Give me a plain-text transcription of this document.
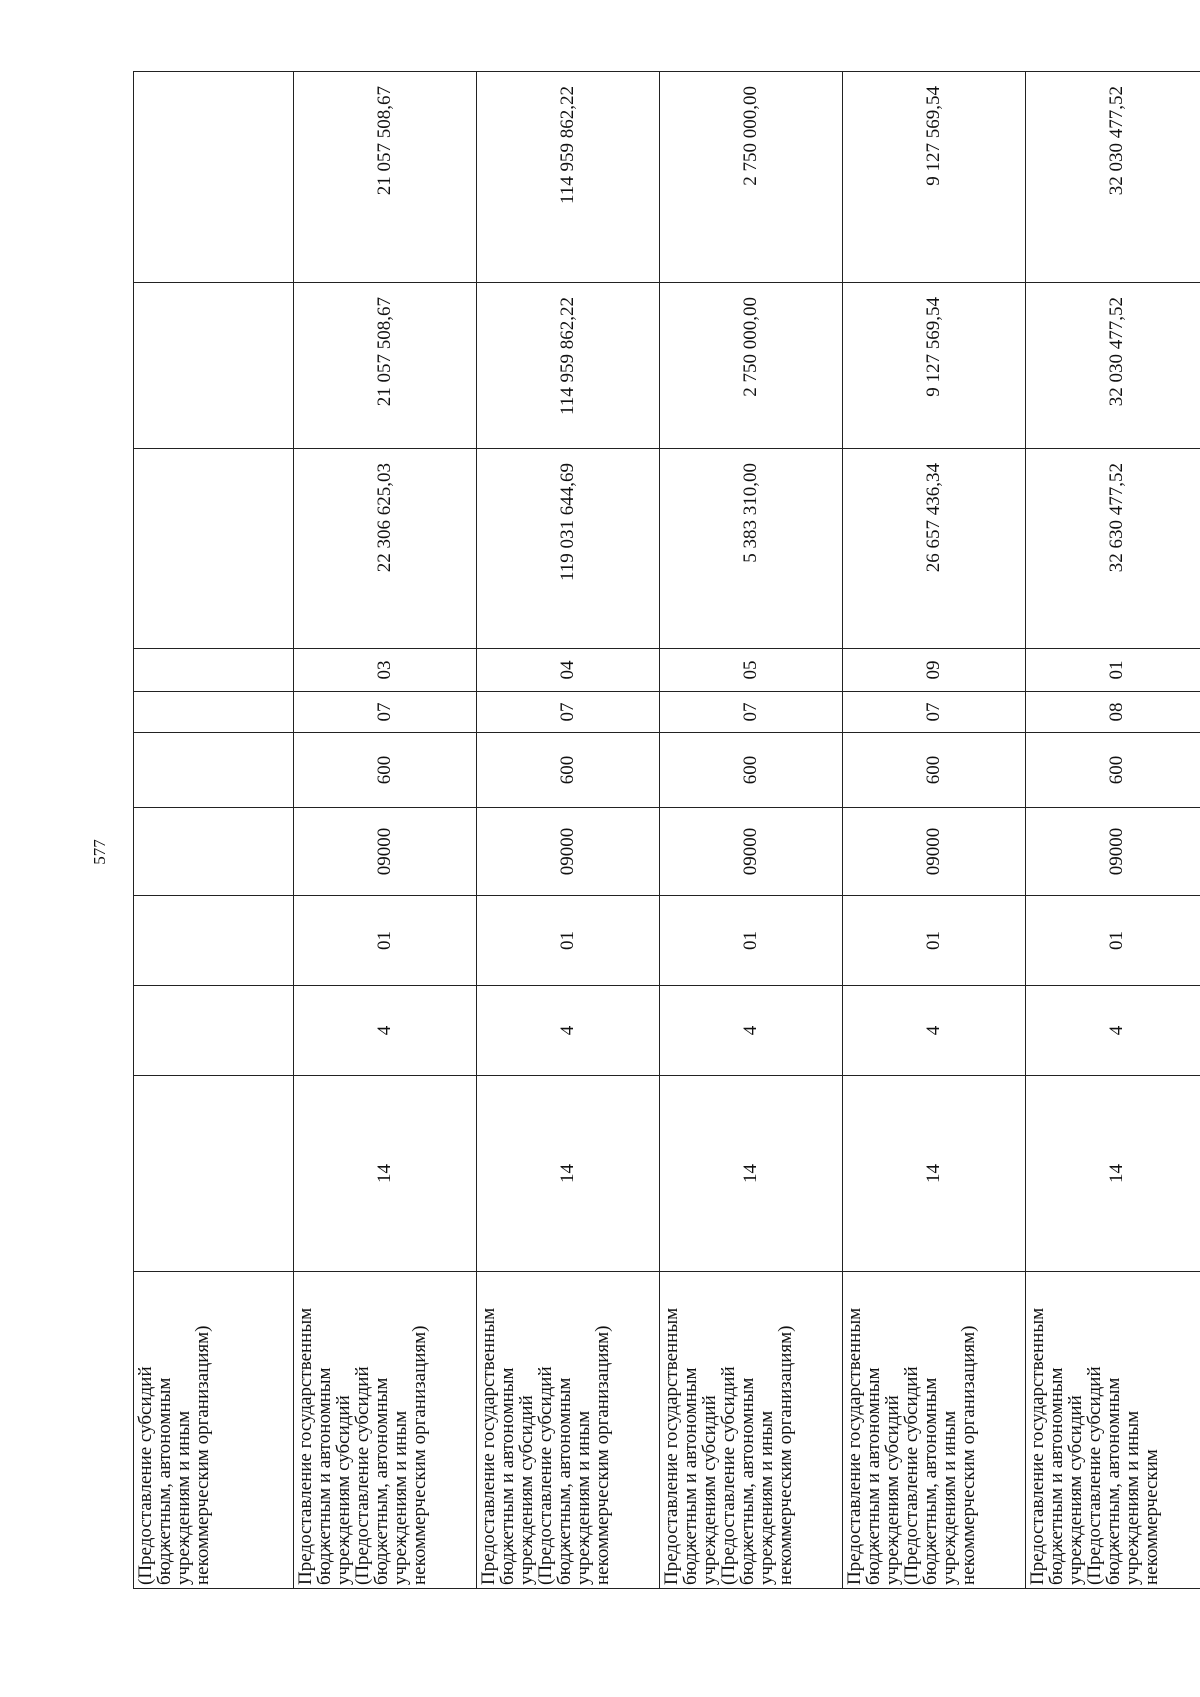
577
(Предоставление субсидий бюджетным, автономным учреждениям и иным некоммерческим организациям)										
Предоставление государственным бюджетным и автономным учреждениям субсидий (Предоставление субсидий бюджетным, автономным учреждениям и иным некоммерческим организациям)	14	4	01	09000	600	07	03	22 306 625,03	21 057 508,67	21 057 508,67
Предоставление государственным бюджетным и автономным учреждениям субсидий (Предоставление субсидий бюджетным, автономным учреждениям и иным некоммерческим организациям)	14	4	01	09000	600	07	04	119 031 644,69	114 959 862,22	114 959 862,22
Предоставление государственным бюджетным и автономным учреждениям субсидий (Предоставление субсидий бюджетным, автономным учреждениям и иным некоммерческим организациям)	14	4	01	09000	600	07	05	5 383 310,00	2 750 000,00	2 750 000,00
Предоставление государственным бюджетным и автономным учреждениям субсидий (Предоставление субсидий бюджетным, автономным учреждениям и иным некоммерческим организациям)	14	4	01	09000	600	07	09	26 657 436,34	9 127 569,54	9 127 569,54
Предоставление государственным бюджетным и автономным учреждениям субсидий (Предоставление субсидий бюджетным, автономным учреждениям и иным некоммерческим	14	4	01	09000	600	08	01	32 630 477,52	32 030 477,52	32 030 477,52
